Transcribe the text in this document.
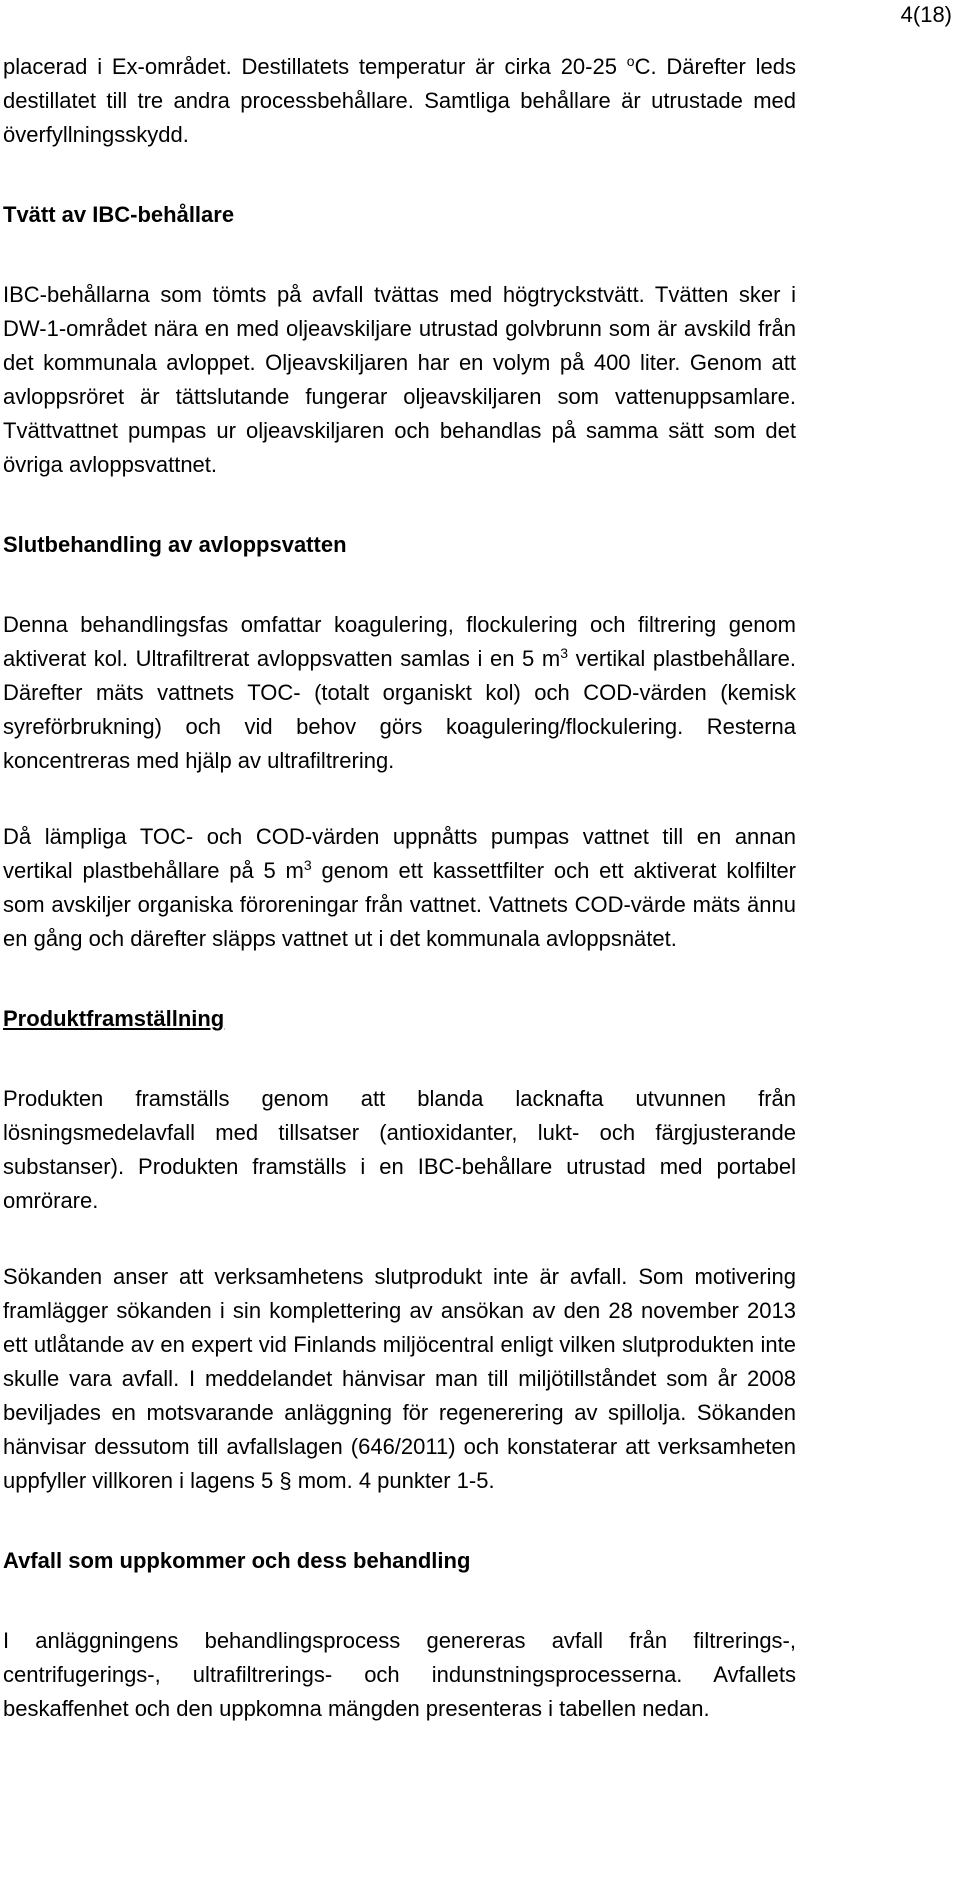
4(18)

placerad i Ex-området. Destillatets temperatur är cirka 20-25 $^o$C. Därefter leds destillatet till tre andra processbehållare. Samtliga behållare är utrustade med överfyllningsskydd.

Tvätt av IBC-behållare

IBC-behållarna som tömts på avfall tvättas med högtryckstvätt. Tvätten sker i DW-1-området nära en med oljeavskiljare utrustad golvbrunn som är avskild från det kommunala avloppet. Oljeavskiljaren har en volym på 400 liter. Genom att avloppsröret är tättslutande fungerar oljeavskiljaren som vattenuppsamlare. Tvättvattnet pumpas ur oljeavskiljaren och behandlas på samma sätt som det övriga avloppsvattnet.

Slutbehandling av avloppsvatten

Denna behandlingsfas omfattar koagulering, flockulering och filtrering genom aktiverat kol. Ultrafiltrerat avloppsvatten samlas i en 5 $m^3$ vertikal plastbehållare. Därefter mäts vattnets TOC- (totalt organiskt kol) och COD-värden (kemisk syreförbrukning) och vid behov görs koagulering/flockulering. Resterna koncentreras med hjälp av ultrafiltrering.

Då lämpliga TOC- och COD-värden uppnåtts pumpas vattnet till en annan vertikal plastbehållare på 5 $m^3$ genom ett kassettfilter och ett aktiverat kolfilter som avskiljer organiska föroreningar från vattnet. Vattnets COD-värde mäts ännu en gång och därefter släpps vattnet ut i det kommunala avloppsnätet.

Produktframställning

Produkten framställs genom att blanda lacknafta utvunnen från lösningsmedelavfall med tillsatser (antioxidanter, lukt- och färgjusterande substanser). Produkten framställs i en IBC-behållare utrustad med portabel omrörare.

Sökanden anser att verksamhetens slutprodukt inte är avfall. Som motivering framlägger sökanden i sin komplettering av ansökan av den 28 november 2013 ett utlåtande av en expert vid Finlands miljöcentral enligt vilken slutprodukten inte skulle vara avfall. I meddelandet hänvisar man till miljötillståndet som år 2008 beviljades en motsvarande anläggning för regenerering av spillolja. Sökanden hänvisar dessutom till avfallslagen (646/2011) och konstaterar att verksamheten uppfyller villkoren i lagens 5 § mom. 4 punkter 1-5.

Avfall som uppkommer och dess behandling

I anläggningens behandlingsprocess genereras avfall från filtrerings-, centrifugerings-, ultrafiltrerings- och indunstningsprocesserna. Avfallets beskaffenhet och den uppkomna mängden presenteras i tabellen nedan.
